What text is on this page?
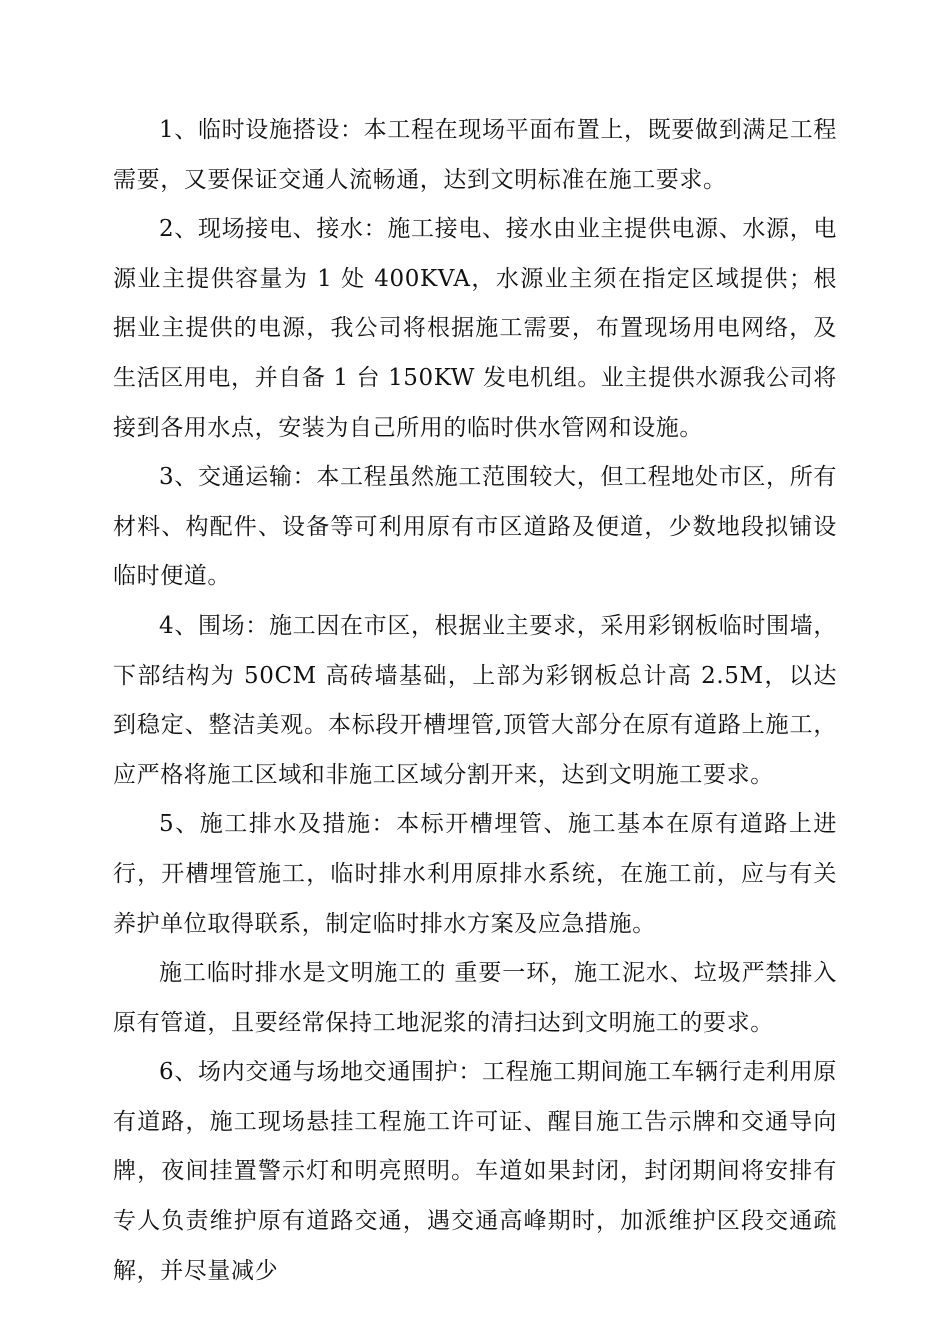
1、临时设施搭设：本工程在现场平面布置上，既要做到满足工程需要，又要保证交通人流畅通，达到文明标准在施工要求。

2、现场接电、接水：施工接电、接水由业主提供电源、水源，电源业主提供容量为 1 处 400KVA，水源业主须在指定区域提供；根据业主提供的电源，我公司将根据施工需要，布置现场用电网络，及生活区用电，并自备 1 台 150KW 发电机组。业主提供水源我公司将接到各用水点，安装为自己所用的临时供水管网和设施。

3、交通运输：本工程虽然施工范围较大，但工程地处市区，所有材料、构配件、设备等可利用原有市区道路及便道，少数地段拟铺设临时便道。

4、围场：施工因在市区，根据业主要求，采用彩钢板临时围墙，下部结构为 50CM 高砖墙基础，上部为彩钢板总计高 2.5M，以达到稳定、整洁美观。本标段开槽埋管,顶管大部分在原有道路上施工，应严格将施工区域和非施工区域分割开来，达到文明施工要求。

5、施工排水及措施：本标开槽埋管、施工基本在原有道路上进行，开槽埋管施工，临时排水利用原排水系统，在施工前，应与有关养护单位取得联系，制定临时排水方案及应急措施。

施工临时排水是文明施工的 重要一环，施工泥水、垃圾严禁排入原有管道，且要经常保持工地泥浆的清扫达到文明施工的要求。

6、场内交通与场地交通围护：工程施工期间施工车辆行走利用原有道路，施工现场悬挂工程施工许可证、醒目施工告示牌和交通导向牌，夜间挂置警示灯和明亮照明。车道如果封闭，封闭期间将安排有专人负责维护原有道路交通，遇交通高峰期时，加派维护区段交通疏解，并尽量减少
